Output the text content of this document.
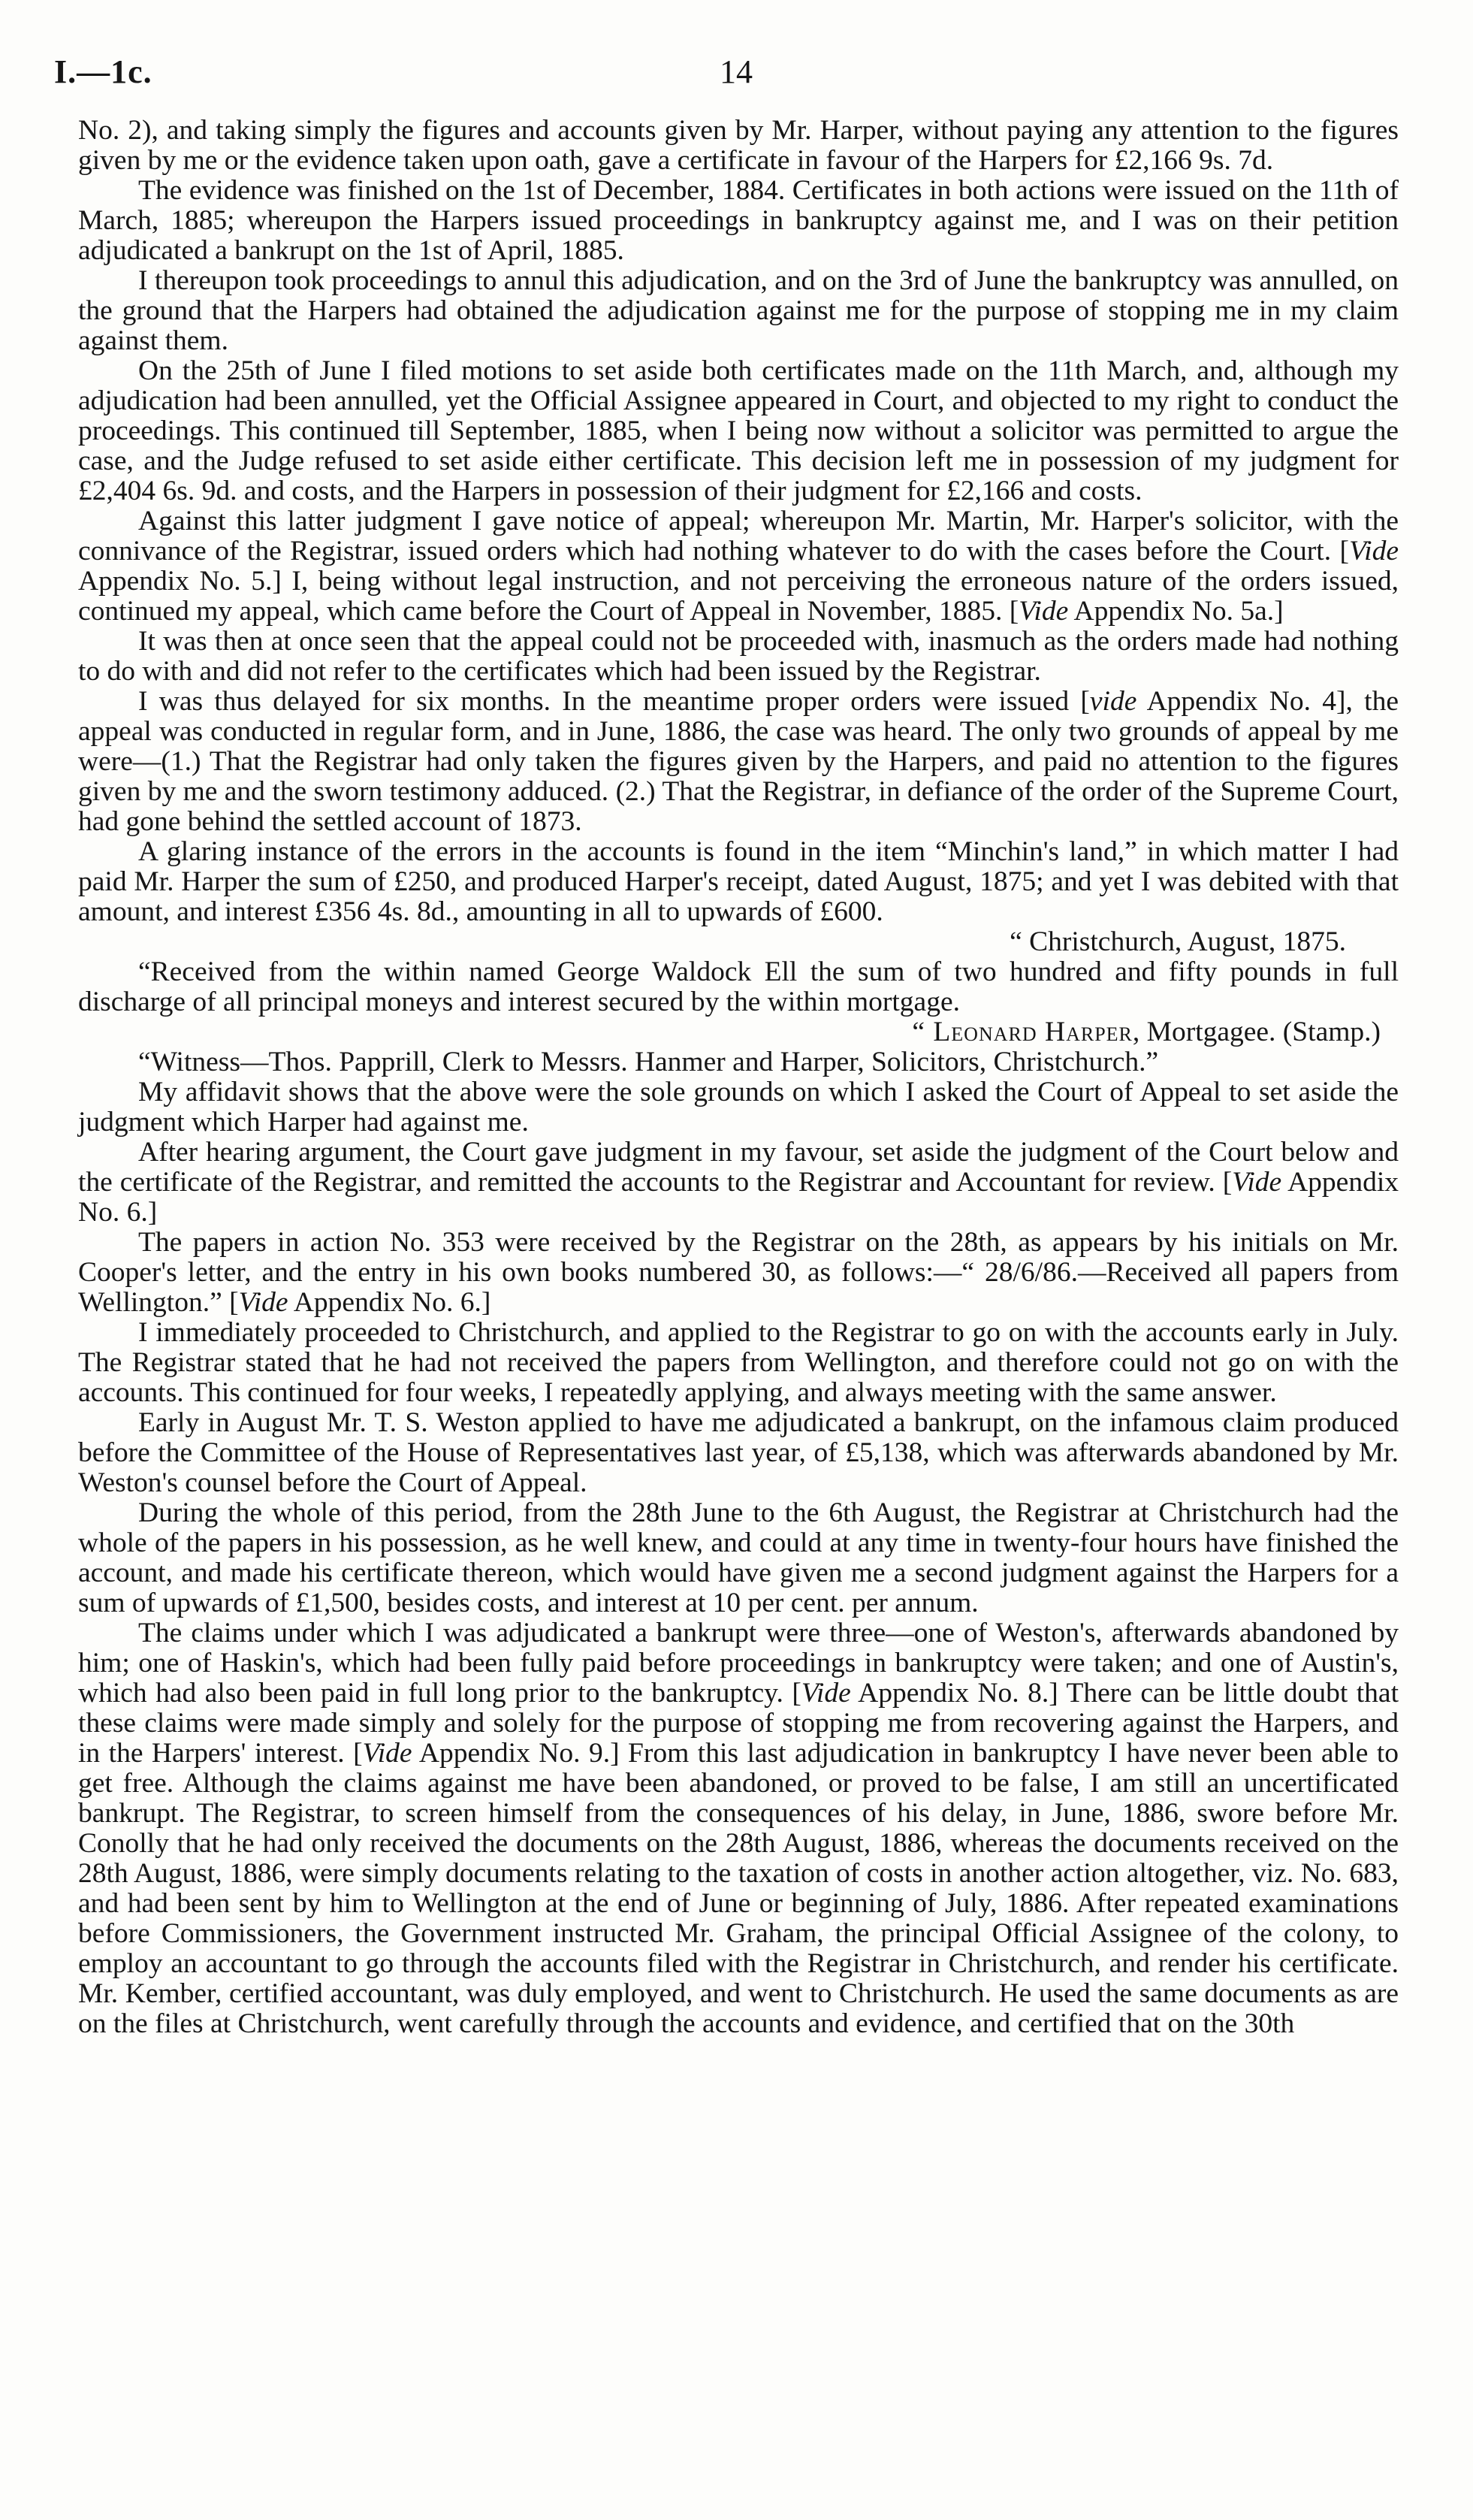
I.—1c.	14

No. 2), and taking simply the figures and accounts given by Mr. Harper, without paying any attention to the figures given by me or the evidence taken upon oath, gave a certificate in favour of the Harpers for £2,166 9s. 7d.

The evidence was finished on the 1st of December, 1884. Certificates in both actions were issued on the 11th of March, 1885; whereupon the Harpers issued proceedings in bankruptcy against me, and I was on their petition adjudicated a bankrupt on the 1st of April, 1885.

I thereupon took proceedings to annul this adjudication, and on the 3rd of June the bankruptcy was annulled, on the ground that the Harpers had obtained the adjudication against me for the purpose of stopping me in my claim against them.

On the 25th of June I filed motions to set aside both certificates made on the 11th March, and, although my adjudication had been annulled, yet the Official Assignee appeared in Court, and objected to my right to conduct the proceedings. This continued till September, 1885, when I being now without a solicitor was permitted to argue the case, and the Judge refused to set aside either certificate. This decision left me in possession of my judgment for £2,404 6s. 9d. and costs, and the Harpers in possession of their judgment for £2,166 and costs.

Against this latter judgment I gave notice of appeal; whereupon Mr. Martin, Mr. Harper's solicitor, with the connivance of the Registrar, issued orders which had nothing whatever to do with the cases before the Court. [Vide Appendix No. 5.] I, being without legal instruction, and not perceiving the erroneous nature of the orders issued, continued my appeal, which came before the Court of Appeal in November, 1885. [Vide Appendix No. 5a.]

It was then at once seen that the appeal could not be proceeded with, inasmuch as the orders made had nothing to do with and did not refer to the certificates which had been issued by the Registrar.

I was thus delayed for six months. In the meantime proper orders were issued [vide Appendix No. 4], the appeal was conducted in regular form, and in June, 1886, the case was heard. The only two grounds of appeal by me were—(1.) That the Registrar had only taken the figures given by the Harpers, and paid no attention to the figures given by me and the sworn testimony adduced. (2.) That the Registrar, in defiance of the order of the Supreme Court, had gone behind the settled account of 1873.

A glaring instance of the errors in the accounts is found in the item “Minchin's land,” in which matter I had paid Mr. Harper the sum of £250, and produced Harper's receipt, dated August, 1875; and yet I was debited with that amount, and interest £356 4s. 8d., amounting in all to upwards of £600.

“ Christchurch, August, 1875.

“Received from the within named George Waldock Ell the sum of two hundred and fifty pounds in full discharge of all principal moneys and interest secured by the within mortgage.

“ Leonard Harper, Mortgagee. (Stamp.)

“Witness—Thos. Papprill, Clerk to Messrs. Hanmer and Harper, Solicitors, Christchurch.”

My affidavit shows that the above were the sole grounds on which I asked the Court of Appeal to set aside the judgment which Harper had against me.

After hearing argument, the Court gave judgment in my favour, set aside the judgment of the Court below and the certificate of the Registrar, and remitted the accounts to the Registrar and Accountant for review. [Vide Appendix No. 6.]

The papers in action No. 353 were received by the Registrar on the 28th, as appears by his initials on Mr. Cooper's letter, and the entry in his own books numbered 30, as follows:—“ 28/6/86.—Received all papers from Wellington.” [Vide Appendix No. 6.]

I immediately proceeded to Christchurch, and applied to the Registrar to go on with the accounts early in July. The Registrar stated that he had not received the papers from Wellington, and therefore could not go on with the accounts. This continued for four weeks, I repeatedly applying, and always meeting with the same answer.

Early in August Mr. T. S. Weston applied to have me adjudicated a bankrupt, on the infamous claim produced before the Committee of the House of Representatives last year, of £5,138, which was afterwards abandoned by Mr. Weston's counsel before the Court of Appeal.

During the whole of this period, from the 28th June to the 6th August, the Registrar at Christchurch had the whole of the papers in his possession, as he well knew, and could at any time in twenty-four hours have finished the account, and made his certificate thereon, which would have given me a second judgment against the Harpers for a sum of upwards of £1,500, besides costs, and interest at 10 per cent. per annum.

The claims under which I was adjudicated a bankrupt were three—one of Weston's, afterwards abandoned by him; one of Haskin's, which had been fully paid before proceedings in bankruptcy were taken; and one of Austin's, which had also been paid in full long prior to the bankruptcy. [Vide Appendix No. 8.] There can be little doubt that these claims were made simply and solely for the purpose of stopping me from recovering against the Harpers, and in the Harpers' interest. [Vide Appendix No. 9.] From this last adjudication in bankruptcy I have never been able to get free. Although the claims against me have been abandoned, or proved to be false, I am still an uncertificated bankrupt. The Registrar, to screen himself from the consequences of his delay, in June, 1886, swore before Mr. Conolly that he had only received the documents on the 28th August, 1886, whereas the documents received on the 28th August, 1886, were simply documents relating to the taxation of costs in another action altogether, viz. No. 683, and had been sent by him to Wellington at the end of June or beginning of July, 1886. After repeated examinations before Commissioners, the Government instructed Mr. Graham, the principal Official Assignee of the colony, to employ an accountant to go through the accounts filed with the Registrar in Christchurch, and render his certificate. Mr. Kember, certified accountant, was duly employed, and went to Christchurch. He used the same documents as are on the files at Christchurch, went carefully through the accounts and evidence, and certified that on the 30th
